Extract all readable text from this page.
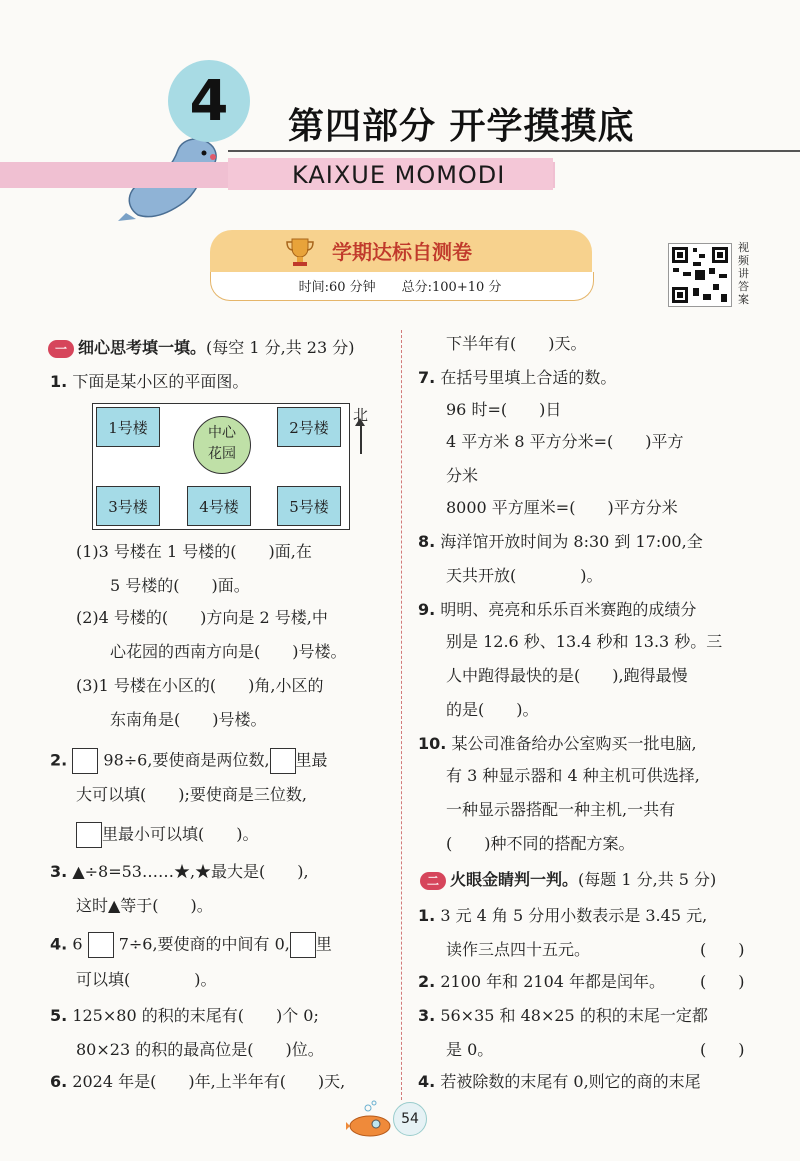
4	第四部分 开学摸摸底
KAIXUE MOMODI
学期达标自测卷
时间:60 分钟　　总分:100+10 分
视频讲答案
一 细心思考填一填。(每空 1 分,共 23 分)
1. 下面是某小区的平面图。
1号楼	2号楼
3号楼	4号楼	5号楼
中心
花园
北
(1)3 号楼在 1 号楼的(　　)面,在
5 号楼的(　　)面。
(2)4 号楼的(　　)方向是 2 号楼,中
心花园的西南方向是(　　)号楼。
(3)1 号楼在小区的(　　)角,小区的
东南角是(　　)号楼。
2. 98÷6,要使商是两位数, 里最
大可以填(　　);要使商是三位数,
里最小可以填(　　)。
3. ▲÷8=53……★,★最大是(　　),
这时▲等于(　　)。
4. 6 7÷6,要使商的中间有 0, 里
可以填(　　　　)。
5. 125×80 的积的末尾有(　　)个 0;
80×23 的积的最高位是(　　)位。
6. 2024 年是(　　)年,上半年有(　　)天,
下半年有(　　)天。
7. 在括号里填上合适的数。
96 时=(　　)日
4 平方米 8 平方分米=(　　)平方
分米
8000 平方厘米=(　　)平方分米
8. 海洋馆开放时间为 8:30 到 17:00,全
天共开放(　　　　)。
9. 明明、亮亮和乐乐百米赛跑的成绩分
别是 12.6 秒、13.4 秒和 13.3 秒。三
人中跑得最快的是(　　),跑得最慢
的是(　　)。
10. 某公司准备给办公室购买一批电脑,
有 3 种显示器和 4 种主机可供选择,
一种显示器搭配一种主机,一共有
(　　)种不同的搭配方案。
二 火眼金睛判一判。(每题 1 分,共 5 分)
1. 3 元 4 角 5 分用小数表示是 3.45 元,
读作三点四十五元。	(　　)
2. 2100 年和 2104 年都是闰年。 (　　)
3. 56×35 和 48×25 的积的末尾一定都
是 0。	(　　)
4. 若被除数的末尾有 0,则它的商的末尾
54
